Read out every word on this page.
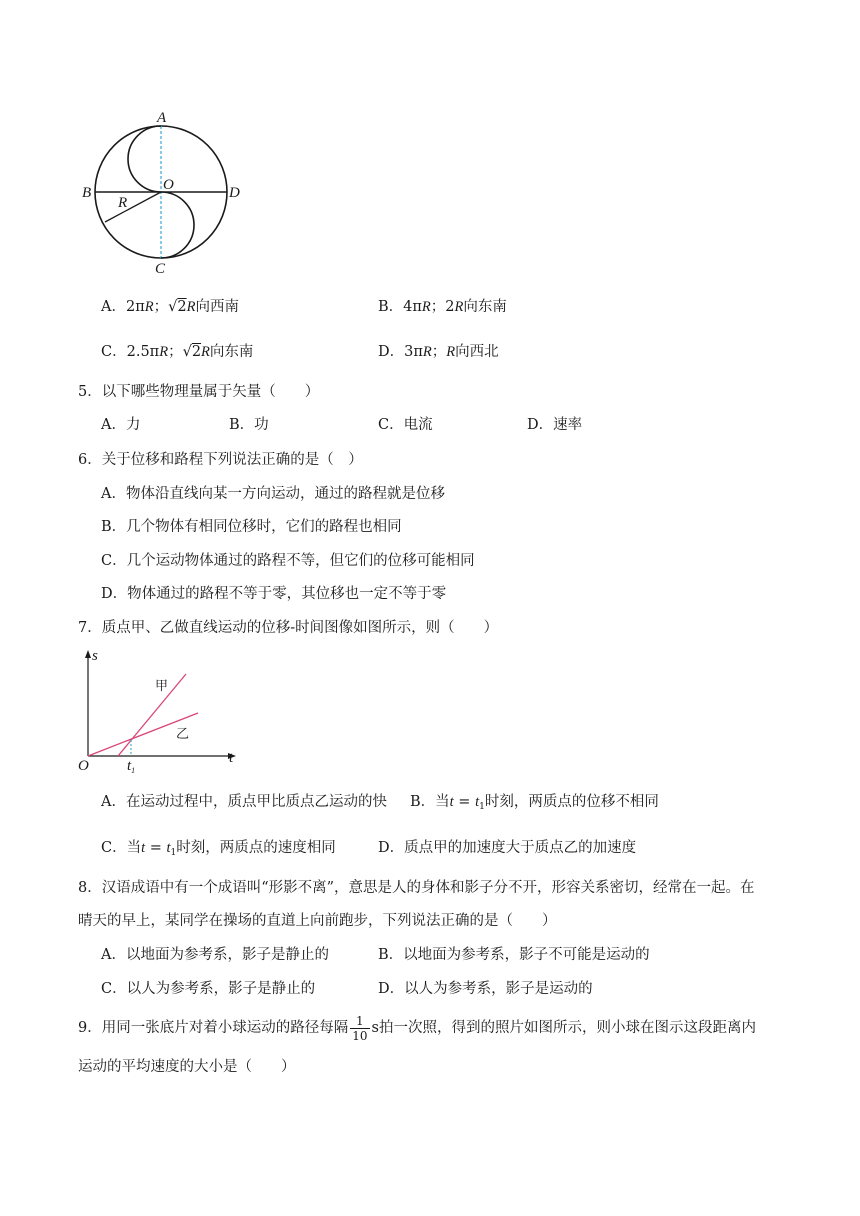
A
B	O	D
C
R
A．2πR；√2R向西南	B．4πR；2R向东南
C．2.5πR；√2R向东南	D．3πR；R向西北
5．以下哪些物理量属于矢量（　　）
A．力	B．功	C．电流	D．速率
6．关于位移和路程下列说法正确的是（　）
A．物体沿直线向某一方向运动，通过的路程就是位移
B．几个物体有相同位移时，它们的路程也相同
C．几个运动物体通过的路程不等，但它们的位移可能相同
D．物体通过的路程不等于零，其位移也一定不等于零
7．质点甲、乙做直线运动的位移-时间图像如图所示，则（　　）
s
t
O	$t_1$
甲
乙
A．在运动过程中，质点甲比质点乙运动的快 B．当$t = t_1$时刻，两质点的位移不相同
C．当$t = t_1$时刻，两质点的速度相同	D．质点甲的加速度大于质点乙的加速度
8．汉语成语中有一个成语叫“形影不离”，意思是人的身体和影子分不开，形容关系密切，经常在一起。在
晴天的早上，某同学在操场的直道上向前跑步，下列说法正确的是（　　）
A．以地面为参考系，影子是静止的	B．以地面为参考系，影子不可能是运动的
C．以人为参考系，影子是静止的	D．以人为参考系，影子是运动的
9．用同一张底片对着小球运动的路径每隔 $\frac{1}{10}$ s拍一次照，得到的照片如图所示，则小球在图示这段距离内
运动的平均速度的大小是（　　）
